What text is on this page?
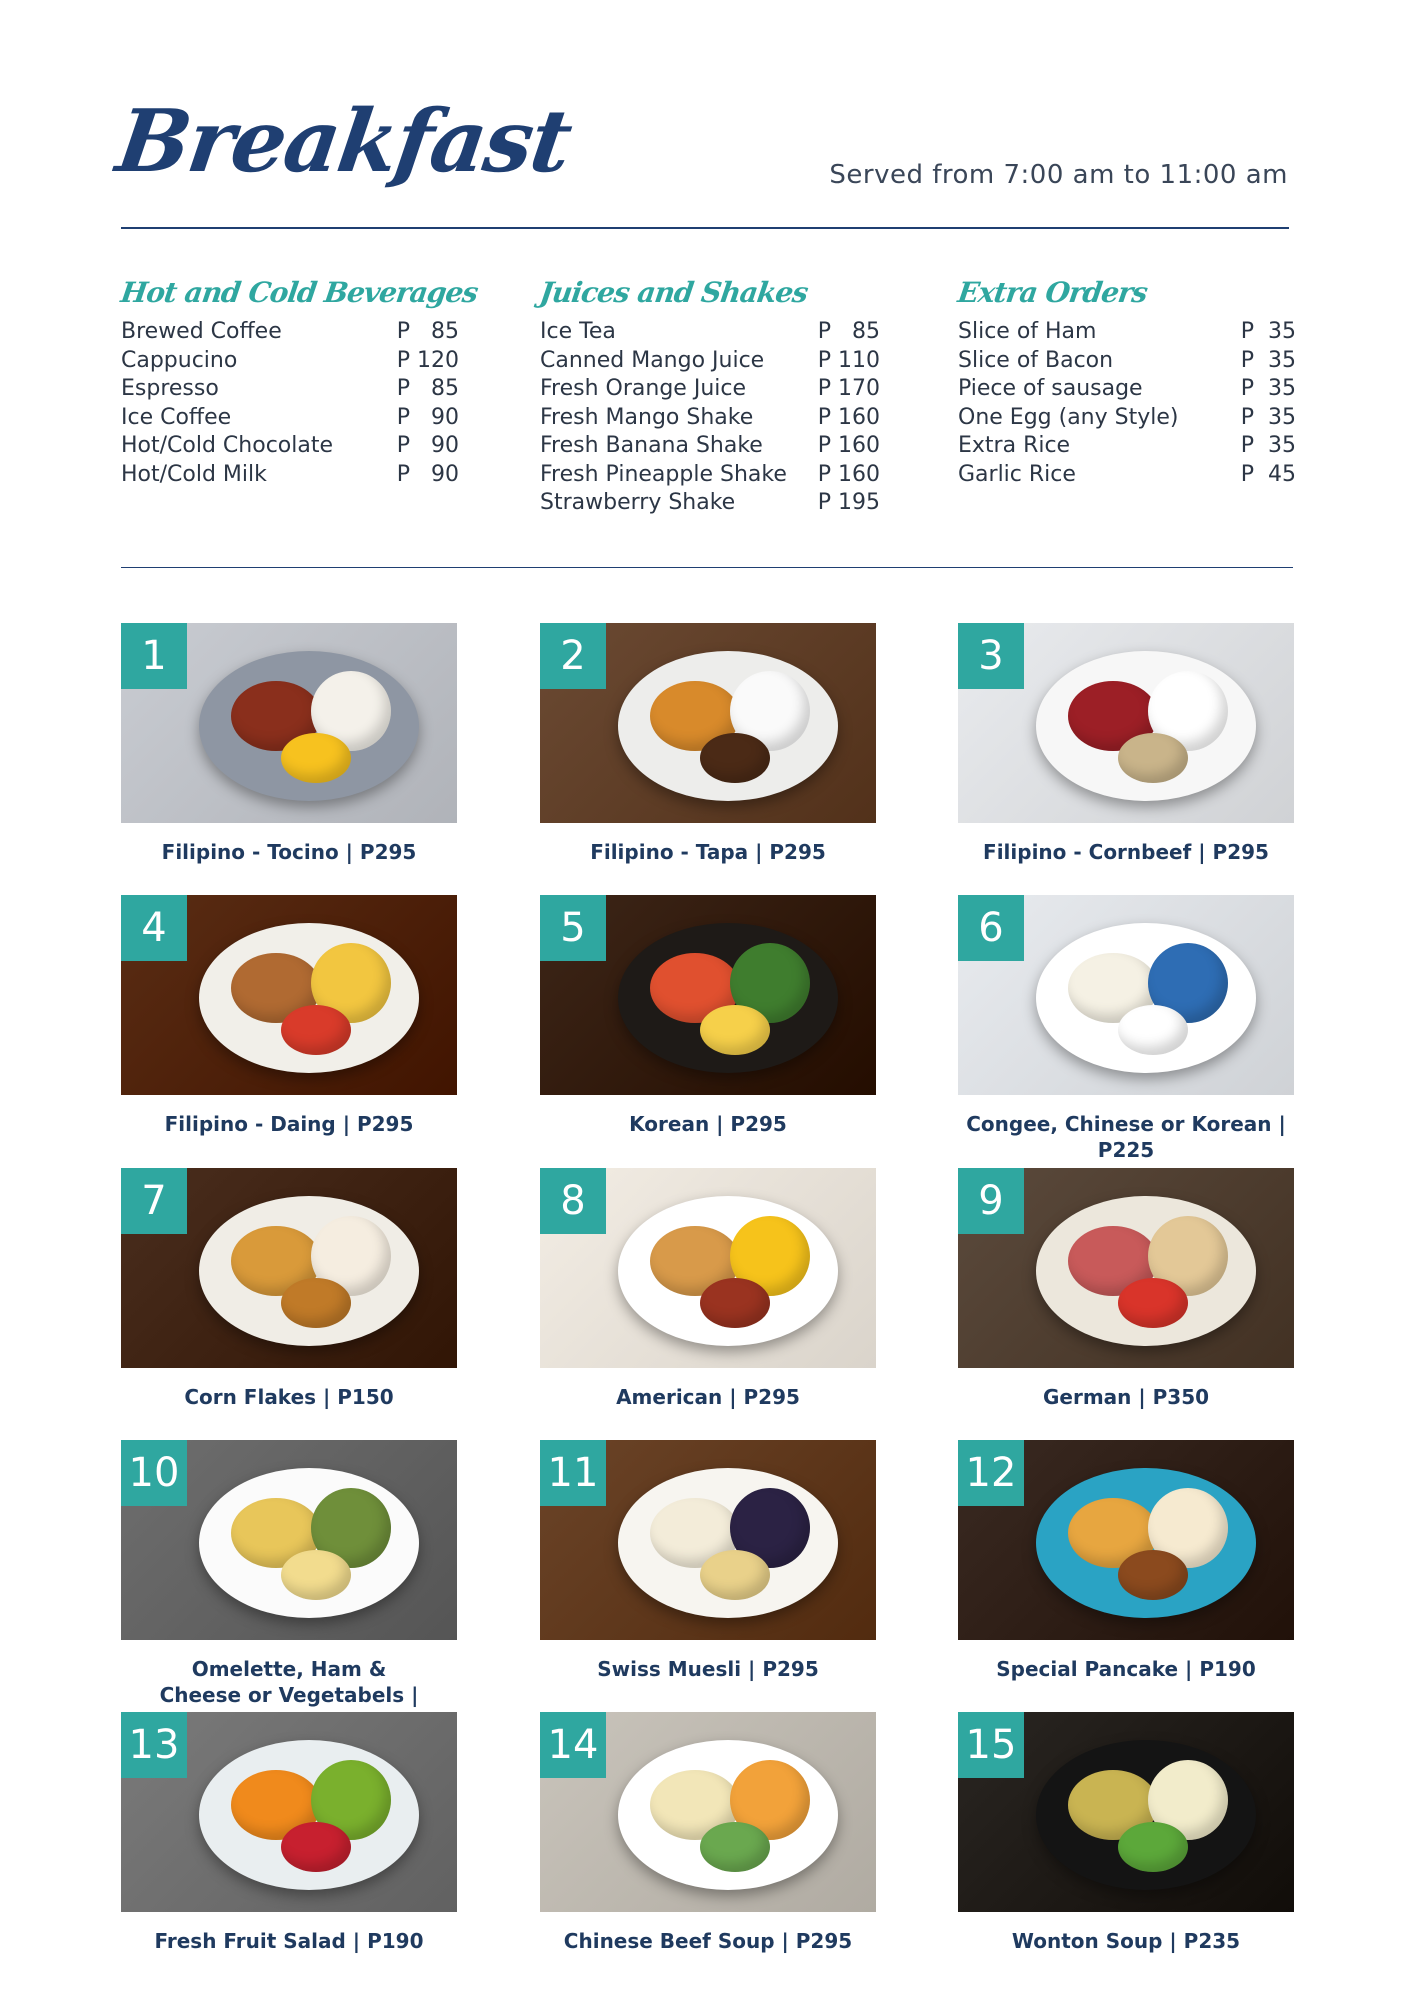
Breakfast	Served from 7:00 am to 11:00 am
Hot and Cold Beverages
Brewed Coffee	P   85
Cappucino	P 120
Espresso	P   85
Ice Coffee	P   90
Hot/Cold Chocolate	P   90
Hot/Cold Milk	P   90
Juices and Shakes
Ice Tea	P   85
Canned Mango Juice P 110
Fresh Orange Juice	P 170
Fresh Mango Shake	P 160
Fresh Banana Shake P 160
Fresh Pineapple Shake P 160
Strawberry Shake	P 195
Extra Orders
Slice of Ham	P  35
Slice of Bacon	P  35
Piece of sausage	P  35
One Egg (any Style)	P  35
Extra Rice	P  35
Garlic Rice	P  45
1
Filipino - Tocino | P295
2
Filipino - Tapa | P295
3
Filipino - Cornbeef | P295
4
Filipino - Daing | P295
5
Korean | P295
6
Congee, Chinese or Korean | P225
7
Corn Flakes | P150
8
American | P295
9
German | P350
10
Omelette, Ham & Cheese or Vegetabels |
11
Swiss Muesli | P295
12
Special Pancake | P190
13
Fresh Fruit Salad | P190
14
Chinese Beef Soup | P295
15
Wonton Soup | P235
